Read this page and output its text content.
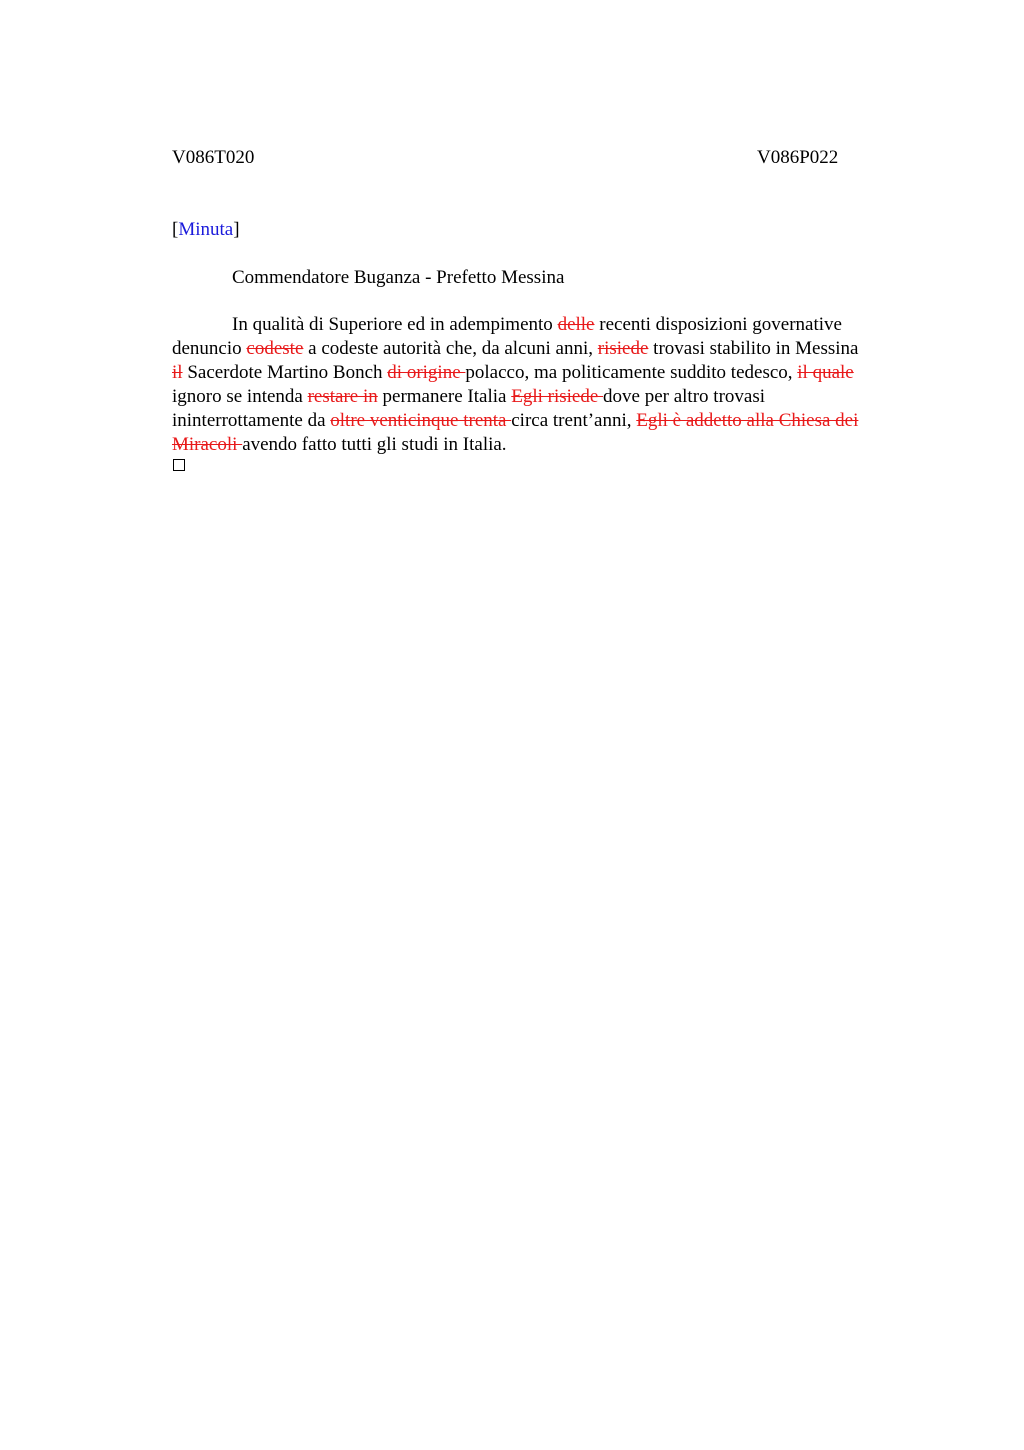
V086T020	V086P022
[Minuta]
Commendatore Buganza - Prefetto Messina
In qualità di Superiore ed in adempimento delle recenti disposizioni governative
denuncio codeste a codeste autorità che, da alcuni anni, risiede trovasi stabilito in Messina
il Sacerdote Martino Bonch di origine polacco, ma politicamente suddito tedesco, il quale
ignoro se intenda restare in permanere Italia Egli risiede dove per altro trovasi
ininterrottamente da oltre venticinque trenta circa trent’anni, Egli è addetto alla Chiesa dei
Miracoli avendo fatto tutti gli studi in Italia.
